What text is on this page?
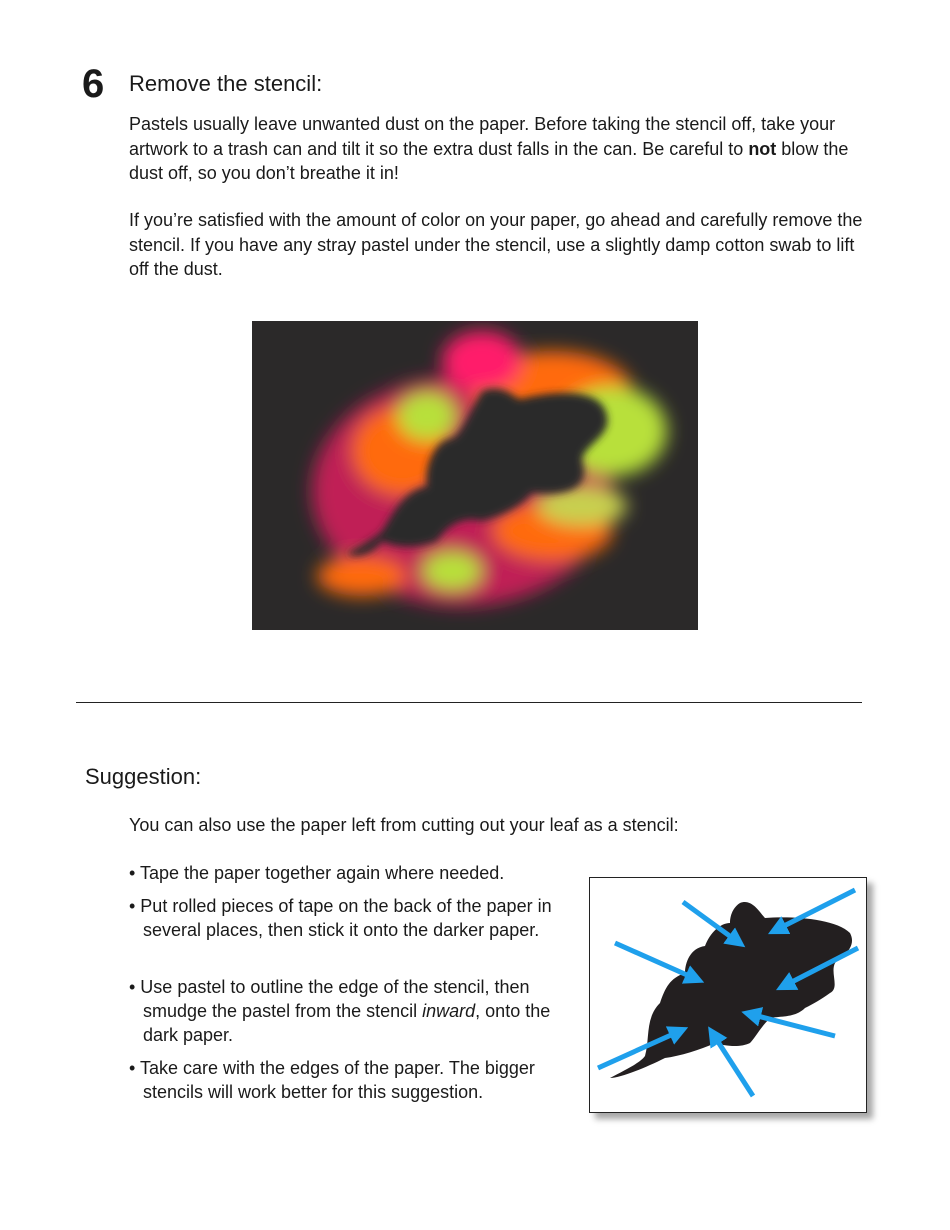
6 Remove the stencil:
Pastels usually leave unwanted dust on the paper. Before taking the stencil off, take your artwork to a trash can and tilt it so the extra dust falls in the can. Be careful to not blow the dust off, so you don’t breathe it in!
If you’re satisfied with the amount of color on your paper, go ahead and carefully remove the stencil. If you have any stray pastel under the stencil, use a slightly damp cotton swab to lift off the dust.
Suggestion:
You can also use the paper left from cutting out your leaf as a stencil:
• Tape the paper together again where needed.
• Put rolled pieces of tape on the back of the paper in several places, then stick it onto the darker paper.
• Use pastel to outline the edge of the stencil, then smudge the pastel from the stencil inward, onto the dark paper.
• Take care with the edges of the paper. The bigger stencils will work better for this suggestion.
